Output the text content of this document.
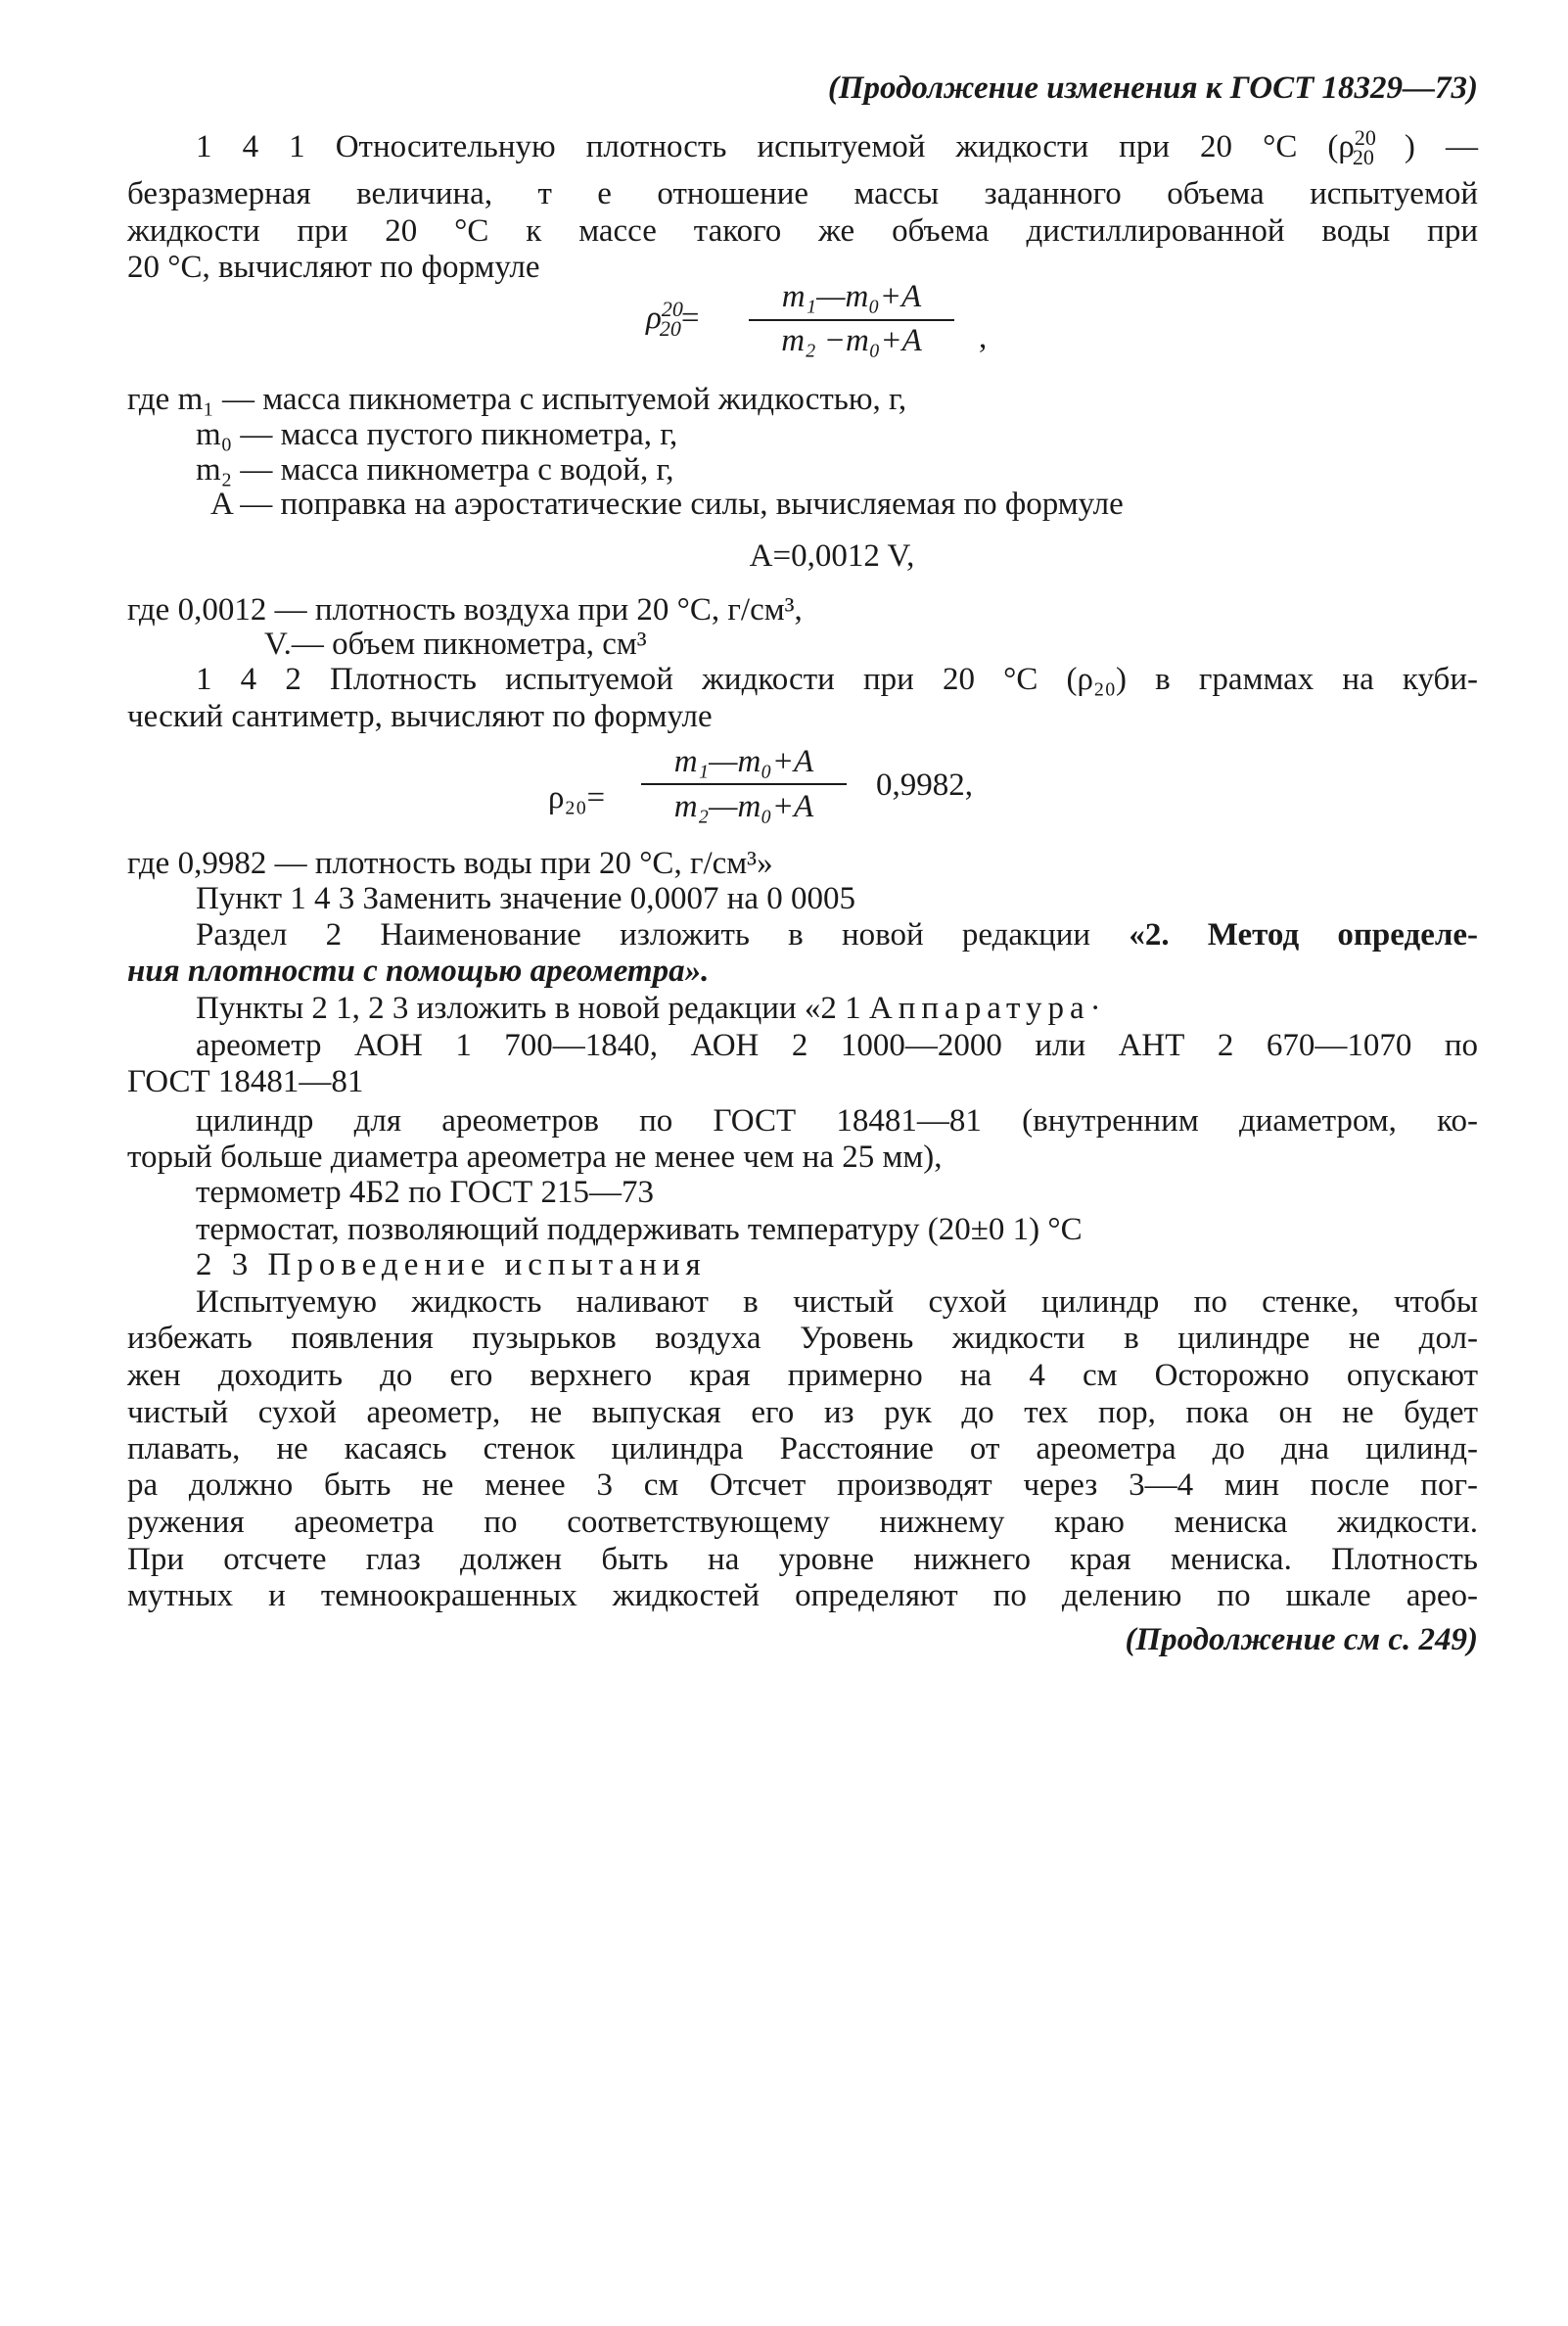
(Продолжение изменения к ГОСТ 18329—73)
1 4 1 Относительную плотность испытуемой жидкости при 20 °С ($\rho^{20}_{20}$ ) —
безразмерная величина, т е отношение массы заданного объема испытуемой
жидкости при 20 °С к массе такого же объема дистиллированной воды при
20 °С, вычисляют по формуле
$\rho^{20}_{20}=$
m₁—m₀+A
m₂ −m₀+A	,
где m₁ — масса пикнометра с испытуемой жидкостью, г,
m₀ — масса пустого пикнометра, г,
m₂ — масса пикнометра с водой, г,
A — поправка на аэростатические силы, вычисляемая по формуле
A=0,0012 V,
где 0,0012 — плотность воздуха при 20 °С, г/см³,
V.— объем пикнометра, см³
1 4 2 Плотность испытуемой жидкости при 20 °С (ρ₂₀) в граммах на куби-
ческий сантиметр, вычисляют по формуле
ρ₂₀=
m₁—m₀+A
m₂—m₀+A
0,9982,
где 0,9982 — плотность воды при 20 °С, г/см³»
Пункт 1 4 3 Заменить значение 0,0007 на 0 0005
Раздел 2 Наименование изложить в новой редакции «2. Метод определе-
ния плотности с помощью ареометра».
Пункты 2 1, 2 3 изложить в новой редакции «2 1 Аппаратура·
ареометр АОН 1 700—1840, АОН 2 1000—2000 или АНТ 2 670—1070 по
ГОСТ 18481—81
цилиндр для ареометров по ГОСТ 18481—81 (внутренним диаметром, ко-
торый больше диаметра ареометра не менее чем на 25 мм),
термометр 4Б2 по ГОСТ 215—73
термостат, позволяющий поддерживать температуру (20±0 1) °С
2 3 Проведение испытания
Испытуемую жидкость наливают в чистый сухой цилиндр по стенке, чтобы
избежать появления пузырьков воздуха Уровень жидкости в цилиндре не дол-
жен доходить до его верхнего края примерно на 4 см Осторожно опускают
чистый сухой ареометр, не выпуская его из рук до тех пор, пока он не будет
плавать, не касаясь стенок цилиндра Расстояние от ареометра до дна цилинд-
ра должно быть не менее 3 см Отсчет производят через 3—4 мин после пог-
ружения ареометра по соответствующему нижнему краю мениска жидкости.
При отсчете глаз должен быть на уровне нижнего края мениска. Плотность
мутных и темноокрашенных жидкостей определяют по делению по шкале арео-
(Продолжение см с. 249)
